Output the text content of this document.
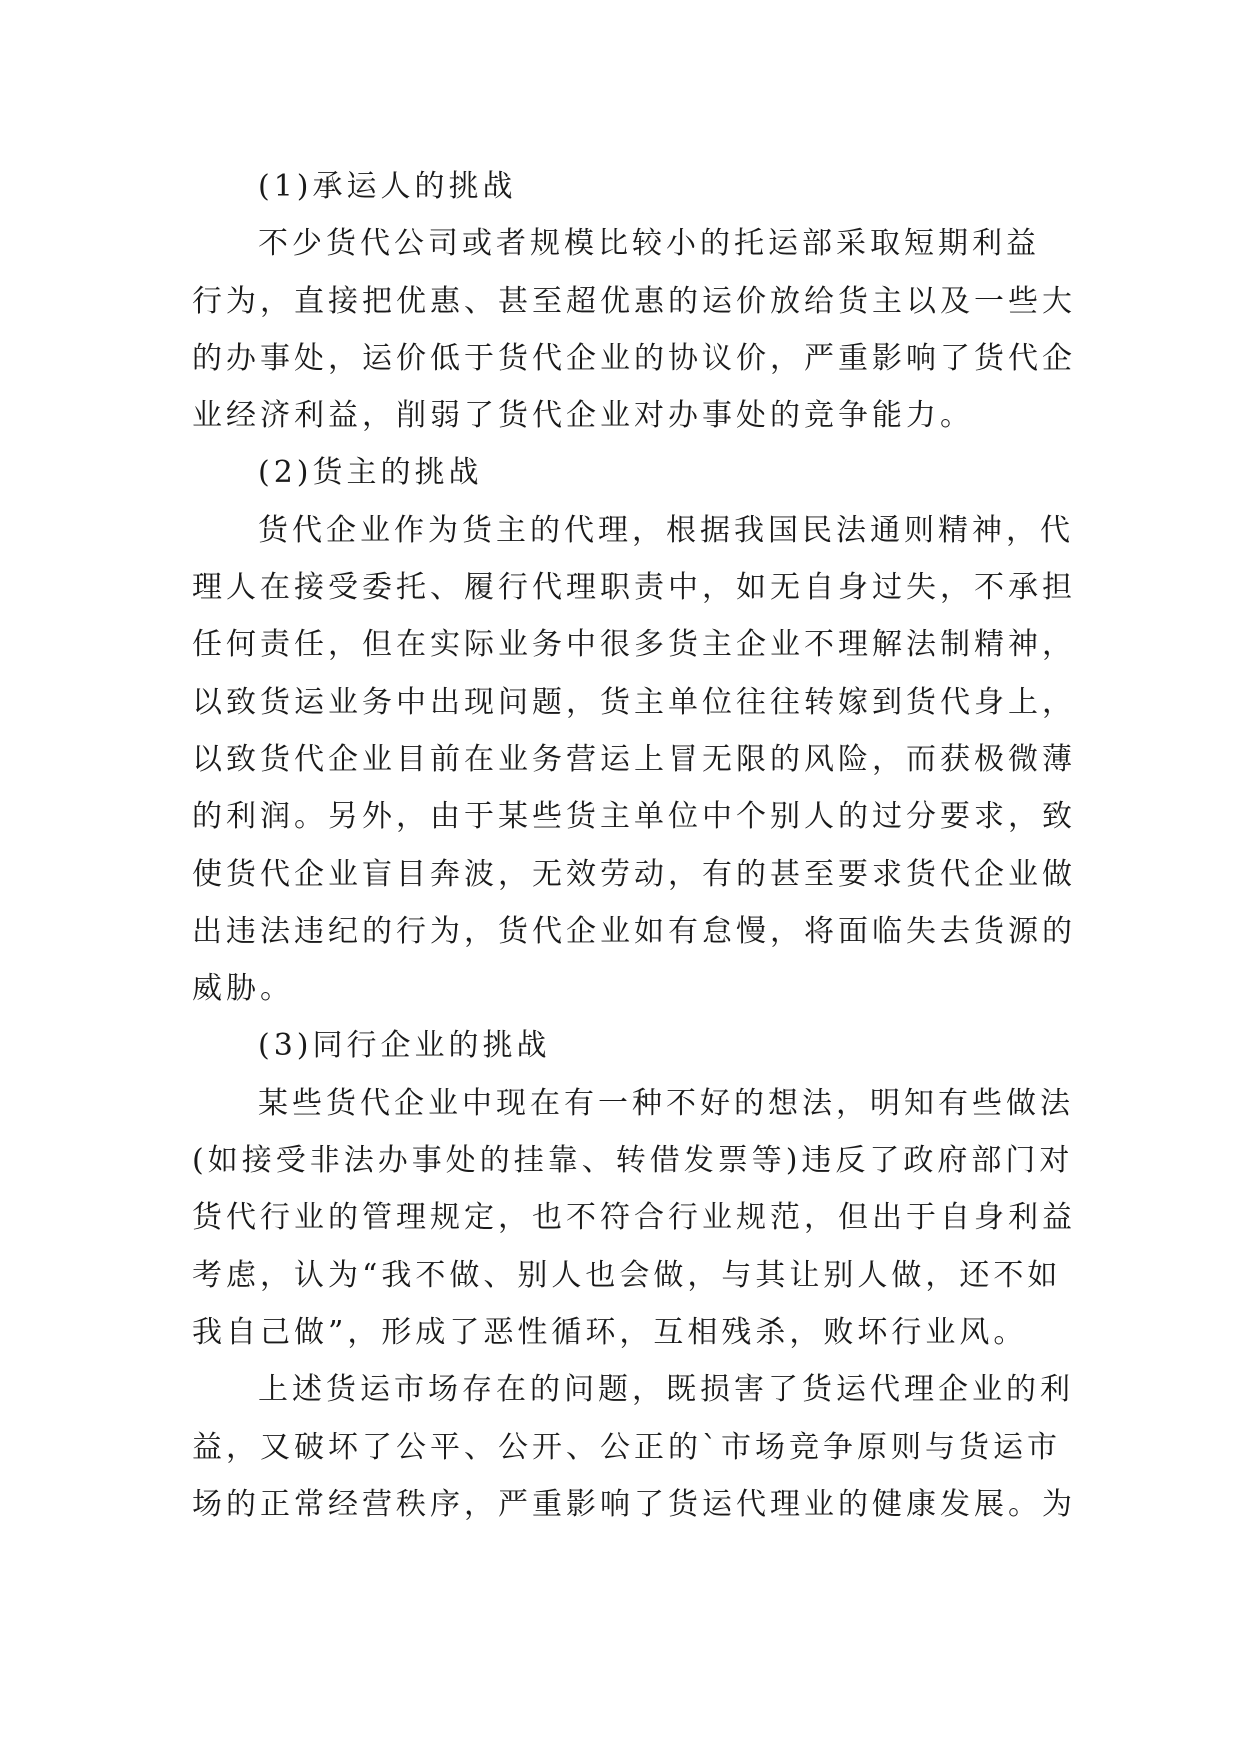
(1)承运人的挑战
不少货代公司或者规模比较小的托运部采取短期利益
行为，直接把优惠、甚至超优惠的运价放给货主以及一些大
的办事处，运价低于货代企业的协议价，严重影响了货代企
业经济利益，削弱了货代企业对办事处的竞争能力。
(2)货主的挑战
货代企业作为货主的代理，根据我国民法通则精神，代
理人在接受委托、履行代理职责中，如无自身过失，不承担
任何责任，但在实际业务中很多货主企业不理解法制精神，
以致货运业务中出现问题，货主单位往往转嫁到货代身上，
以致货代企业目前在业务营运上冒无限的风险，而获极微薄
的利润。另外，由于某些货主单位中个别人的过分要求，致
使货代企业盲目奔波，无效劳动，有的甚至要求货代企业做
出违法违纪的行为，货代企业如有怠慢，将面临失去货源的
威胁。
(3)同行企业的挑战
某些货代企业中现在有一种不好的想法，明知有些做法
(如接受非法办事处的挂靠、转借发票等)违反了政府部门对
货代行业的管理规定，也不符合行业规范，但出于自身利益
考虑，认为“我不做、别人也会做，与其让别人做，还不如
我自己做”，形成了恶性循环，互相残杀，败坏行业风。
上述货运市场存在的问题，既损害了货运代理企业的利
益，又破坏了公平、公开、公正的`市场竞争原则与货运市
场的正常经营秩序，严重影响了货运代理业的健康发展。为
